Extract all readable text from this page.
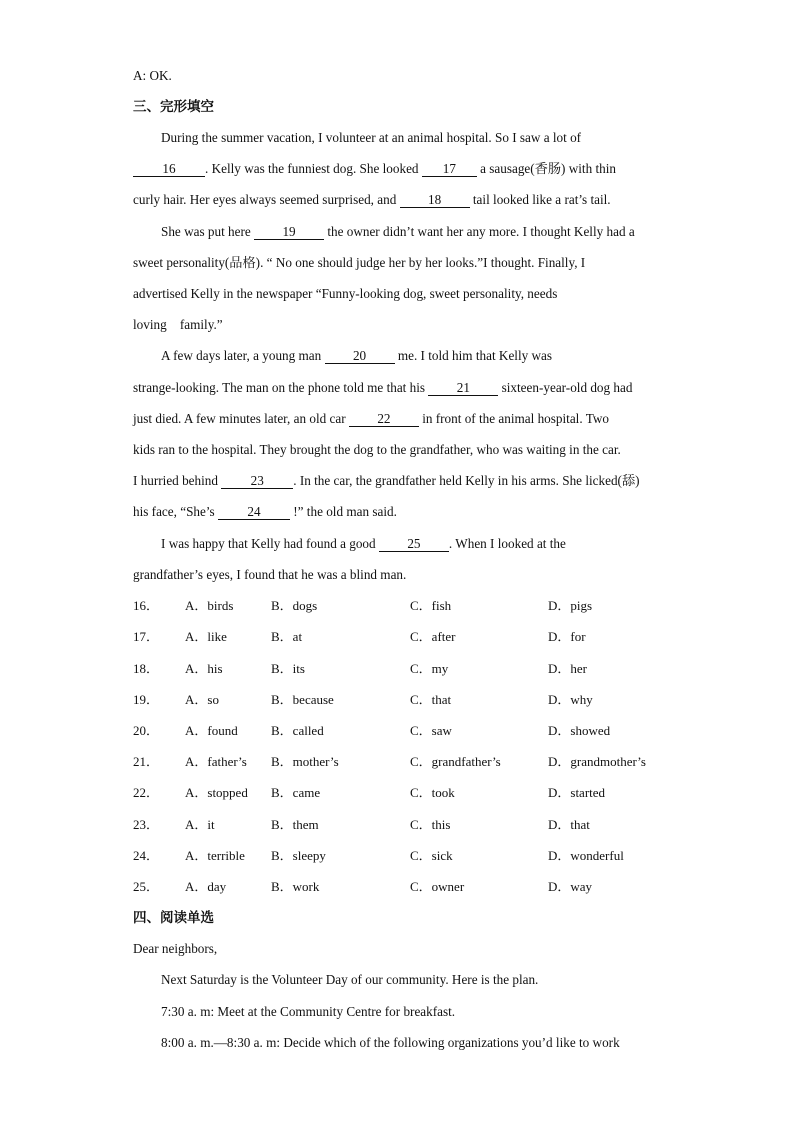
A: OK.
三、完形填空
During the summer vacation, I volunteer at an animal hospital. So I saw a lot of
16 . Kelly was the funniest dog. She looked 17 a sausage(香肠) with thin
curly hair. Her eyes always seemed surprised, and 18 tail looked like a rat’s tail.
She was put here 19 the owner didn’t want her any more. I thought Kelly had a
sweet personality(品格). “ No one should judge her by her looks.”I thought. Finally, I
advertised Kelly in the newspaper “Funny-looking dog, sweet personality, needs
loving    family.”
A few days later, a young man 20 me. I told him that Kelly was
strange-looking. The man on the phone told me that his 21 sixteen-year-old dog had
just died. A few minutes later, an old car 22 in front of the animal hospital. Two
kids ran to the hospital. They brought the dog to the grandfather, who was waiting in the car.
I hurried behind 23 . In the car, the grandfather held Kelly in his arms. She licked(舔)
his face, “She’s 24 !” the old man said.
I was happy that Kelly had found a good 25 . When I looked at the
grandfather’s eyes, I found that he was a blind man.
16． A．birds	B．dogs	C．fish	D．pigs
17． A．like	B．at	C．after	D．for
18． A．his	B．its	C．my	D．her
19． A．so	B．because	C．that	D．why
20． A．found	B．called	C．saw	D．showed
21． A．father’s B．mother’s	C．grandfather’s	D．grandmother’s
22． A．stopped B．came	C．took	D．started
23． A．it	B．them	C．this	D．that
24． A．terrible B．sleepy	C．sick	D．wonderful
25． A．day	B．work	C．owner	D．way
四、阅读单选
Dear neighbors,
Next Saturday is the Volunteer Day of our community. Here is the plan.
7:30 a. m: Meet at the Community Centre for breakfast.
8:00 a. m.—8:30 a. m: Decide which of the following organizations you’d like to work
